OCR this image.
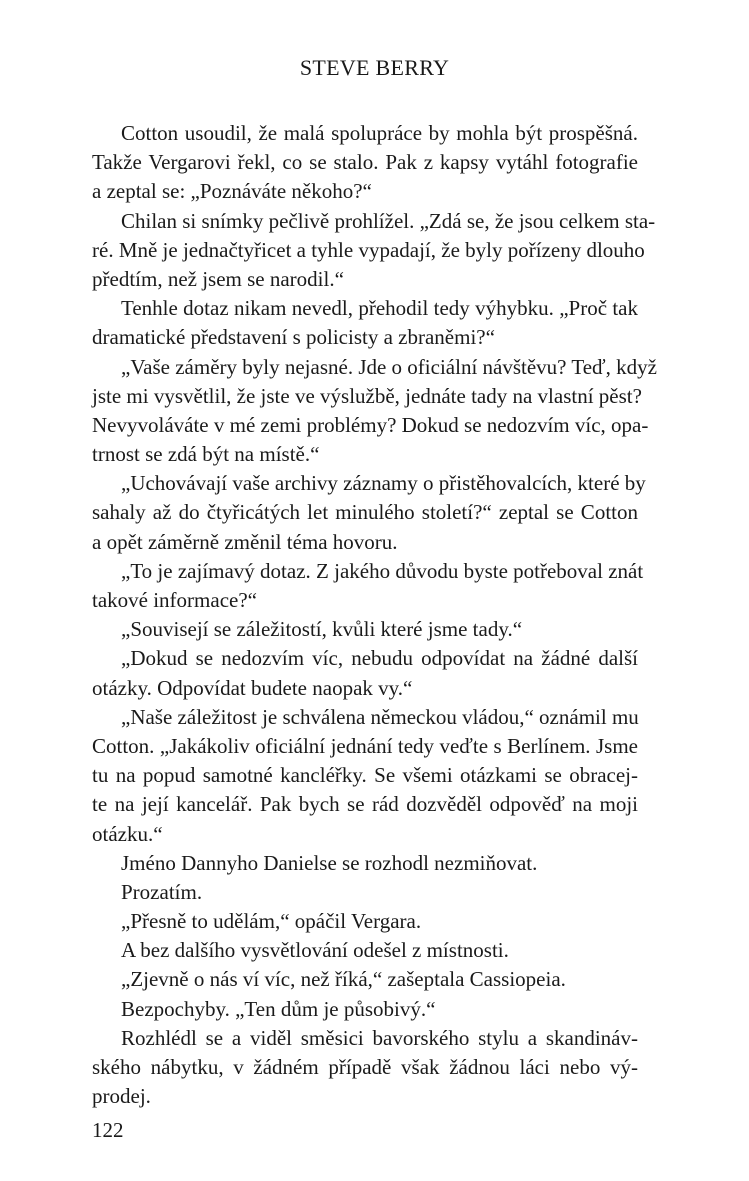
STEVE BERRY
Cotton usoudil, že malá spolupráce by mohla být prospěšná.
Takže Vergarovi řekl, co se stalo. Pak z kapsy vytáhl fotografie
a zeptal se: „Poznáváte někoho?“
Chilan si snímky pečlivě prohlížel. „Zdá se, že jsou celkem sta-
ré. Mně je jednačtyřicet a tyhle vypadají, že byly pořízeny dlouho
předtím, než jsem se narodil.“
Tenhle dotaz nikam nevedl, přehodil tedy výhybku. „Proč tak
dramatické představení s policisty a zbraněmi?“
„Vaše záměry byly nejasné. Jde o oficiální návštěvu? Teď, když
jste mi vysvětlil, že jste ve výslužbě, jednáte tady na vlastní pěst?
Nevyvoláváte v mé zemi problémy? Dokud se nedozvím víc, opa-
trnost se zdá být na místě.“
„Uchovávají vaše archivy záznamy o přistěhovalcích, které by
sahaly až do čtyřicátých let minulého století?“ zeptal se Cotton
a opět záměrně změnil téma hovoru.
„To je zajímavý dotaz. Z jakého důvodu byste potřeboval znát
takové informace?“
„Souvisejí se záležitostí, kvůli které jsme tady.“
„Dokud se nedozvím víc, nebudu odpovídat na žádné další
otázky. Odpovídat budete naopak vy.“
„Naše záležitost je schválena německou vládou,“ oznámil mu
Cotton. „Jakákoliv oficiální jednání tedy veďte s Berlínem. Jsme
tu na popud samotné kancléřky. Se všemi otázkami se obracej-
te na její kancelář. Pak bych se rád dozvěděl odpověď na moji
otázku.“
Jméno Dannyho Danielse se rozhodl nezmiňovat.
Prozatím.
„Přesně to udělám,“ opáčil Vergara.
A bez dalšího vysvětlování odešel z místnosti.
„Zjevně o nás ví víc, než říká,“ zašeptala Cassiopeia.
Bezpochyby. „Ten dům je působivý.“
Rozhlédl se a viděl směsici bavorského stylu a skandináv-
ského nábytku, v žádném případě však žádnou láci nebo vý-
prodej.
122
